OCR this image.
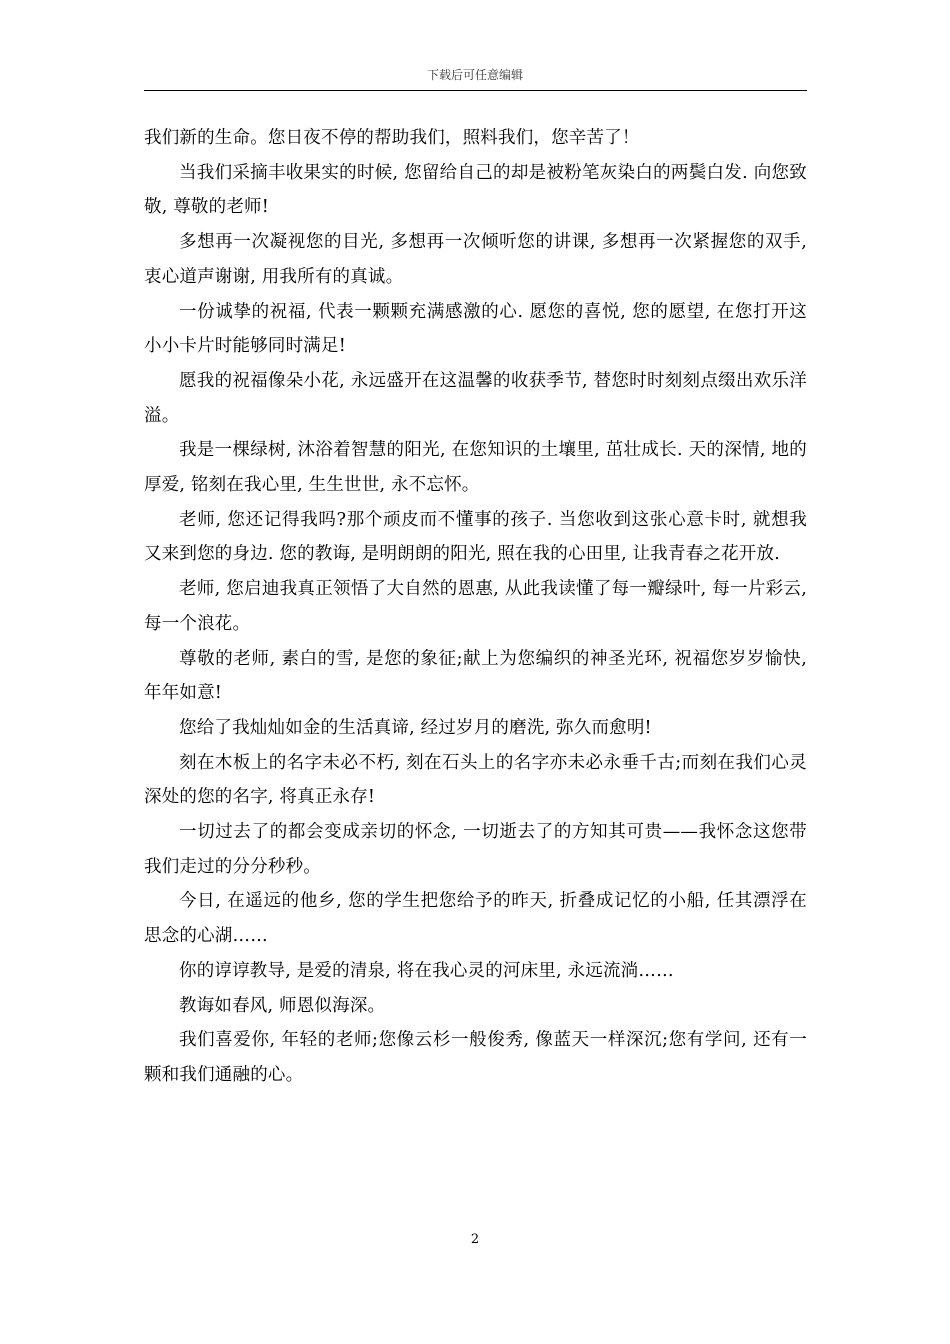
下载后可任意编辑

我们新的生命。您日夜不停的帮助我们，照料我们，您辛苦了！

当我们采摘丰收果实的时候, 您留给自己的却是被粉笔灰染白的两鬓白发. 向您致敬, 尊敬的老师!

多想再一次凝视您的目光, 多想再一次倾听您的讲课, 多想再一次紧握您的双手, 衷心道声谢谢, 用我所有的真诚。

一份诚挚的祝福, 代表一颗颗充满感激的心. 愿您的喜悦, 您的愿望, 在您打开这小小卡片时能够同时满足!

愿我的祝福像朵小花, 永远盛开在这温馨的收获季节, 替您时时刻刻点缀出欢乐洋溢。

我是一棵绿树, 沐浴着智慧的阳光, 在您知识的土壤里, 茁壮成长. 天的深情, 地的厚爱, 铭刻在我心里, 生生世世, 永不忘怀。

老师, 您还记得我吗?那个顽皮而不懂事的孩子. 当您收到这张心意卡时, 就想我又来到您的身边. 您的教诲, 是明朗朗的阳光, 照在我的心田里, 让我青春之花开放.

老师, 您启迪我真正领悟了大自然的恩惠, 从此我读懂了每一瓣绿叶, 每一片彩云, 每一个浪花。

尊敬的老师, 素白的雪, 是您的象征;献上为您编织的神圣光环, 祝福您岁岁愉快, 年年如意!

您给了我灿灿如金的生活真谛, 经过岁月的磨洗, 弥久而愈明!

刻在木板上的名字未必不朽, 刻在石头上的名字亦未必永垂千古;而刻在我们心灵深处的您的名字, 将真正永存!

一切过去了的都会变成亲切的怀念, 一切逝去了的方知其可贵——我怀念这您带我们走过的分分秒秒。

今日, 在遥远的他乡, 您的学生把您给予的昨天, 折叠成记忆的小船, 任其漂浮在思念的心湖……

你的谆谆教导, 是爱的清泉, 将在我心灵的河床里, 永远流淌……

教诲如春风, 师恩似海深。

我们喜爱你, 年轻的老师;您像云杉一般俊秀, 像蓝天一样深沉;您有学问, 还有一颗和我们通融的心。

2
